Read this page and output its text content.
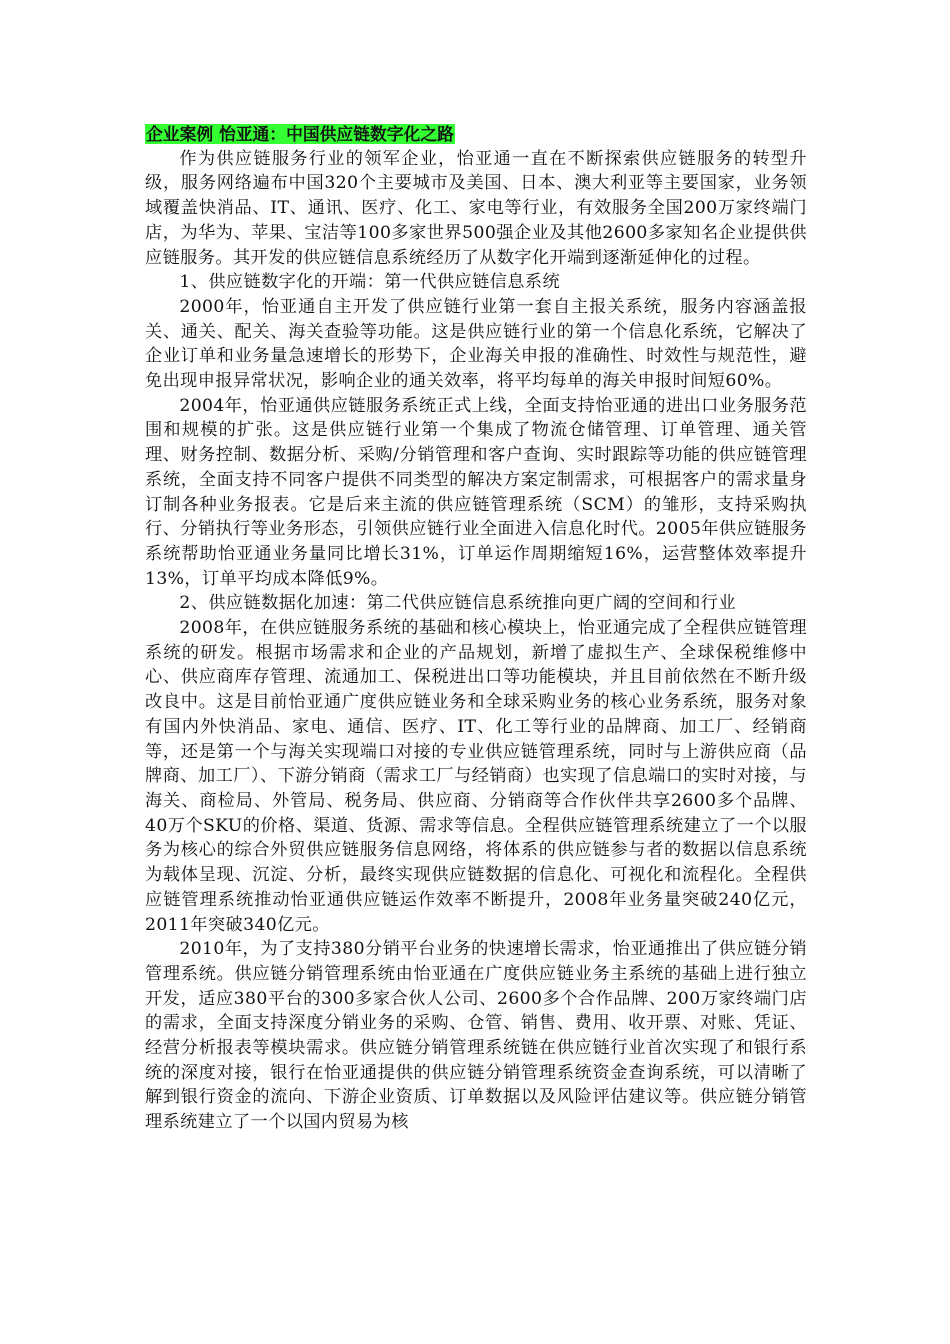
企业案例 怡亚通：中国供应链数字化之路

作为供应链服务行业的领军企业，怡亚通一直在不断探索供应链服务的转型升级，服务网络遍布中国320个主要城市及美国、日本、澳大利亚等主要国家，业务领域覆盖快消品、IT、通讯、医疗、化工、家电等行业，有效服务全国200万家终端门店，为华为、苹果、宝洁等100多家世界500强企业及其他2600多家知名企业提供供应链服务。其开发的供应链信息系统经历了从数字化开端到逐渐延伸化的过程。

1、供应链数字化的开端：第一代供应链信息系统

2000年，怡亚通自主开发了供应链行业第一套自主报关系统，服务内容涵盖报关、通关、配关、海关查验等功能。这是供应链行业的第一个信息化系统，它解决了企业订单和业务量急速增长的形势下，企业海关申报的准确性、时效性与规范性，避免出现申报异常状况，影响企业的通关效率，将平均每单的海关申报时间短60%。

2004年，怡亚通供应链服务系统正式上线，全面支持怡亚通的进出口业务服务范围和规模的扩张。这是供应链行业第一个集成了物流仓储管理、订单管理、通关管理、财务控制、数据分析、采购/分销管理和客户查询、实时跟踪等功能的供应链管理系统，全面支持不同客户提供不同类型的解决方案定制需求，可根据客户的需求量身订制各种业务报表。它是后来主流的供应链管理系统（SCM）的雏形，支持采购执行、分销执行等业务形态，引领供应链行业全面进入信息化时代。2005年供应链服务系统帮助怡亚通业务量同比增长31%，订单运作周期缩短16%，运营整体效率提升13%，订单平均成本降低9%。

2、供应链数据化加速：第二代供应链信息系统推向更广阔的空间和行业

2008年，在供应链服务系统的基础和核心模块上，怡亚通完成了全程供应链管理系统的研发。根据市场需求和企业的产品规划，新增了虚拟生产、全球保税维修中心、供应商库存管理、流通加工、保税进出口等功能模块，并且目前依然在不断升级改良中。这是目前怡亚通广度供应链业务和全球采购业务的核心业务系统，服务对象有国内外快消品、家电、通信、医疗、IT、化工等行业的品牌商、加工厂、经销商等，还是第一个与海关实现端口对接的专业供应链管理系统，同时与上游供应商（品牌商、加工厂）、下游分销商（需求工厂与经销商）也实现了信息端口的实时对接，与海关、商检局、外管局、税务局、供应商、分销商等合作伙伴共享2600多个品牌、40万个SKU的价格、渠道、货源、需求等信息。全程供应链管理系统建立了一个以服务为核心的综合外贸供应链服务信息网络，将体系的供应链参与者的数据以信息系统为载体呈现、沉淀、分析，最终实现供应链数据的信息化、可视化和流程化。全程供应链管理系统推动怡亚通供应链运作效率不断提升，2008年业务量突破240亿元，2011年突破340亿元。

2010年，为了支持380分销平台业务的快速增长需求，怡亚通推出了供应链分销管理系统。供应链分销管理系统由怡亚通在广度供应链业务主系统的基础上进行独立开发，适应380平台的300多家合伙人公司、2600多个合作品牌、200万家终端门店的需求，全面支持深度分销业务的采购、仓管、销售、费用、收开票、对账、凭证、经营分析报表等模块需求。供应链分销管理系统链在供应链行业首次实现了和银行系统的深度对接，银行在怡亚通提供的供应链分销管理系统资金查询系统，可以清晰了解到银行资金的流向、下游企业资质、订单数据以及风险评估建议等。供应链分销管理系统建立了一个以国内贸易为核
